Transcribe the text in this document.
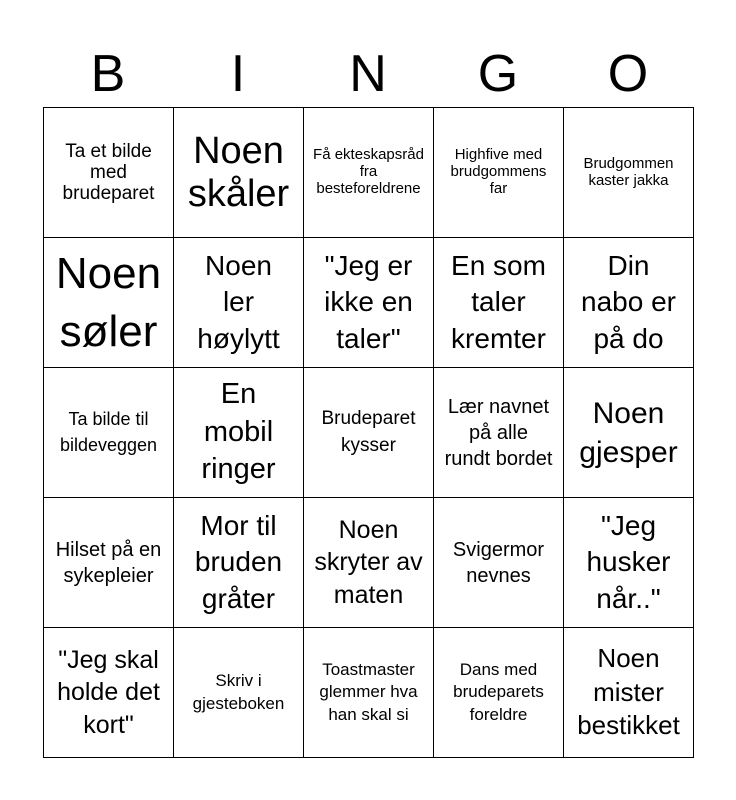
B	I	N	G	O
Ta et bilde med brudeparet
Noen skåler
Få ekteskapsråd fra besteforeldrene
Highfive med brudgommens far
Brudgommen kaster jakka
Noen søler
Noen ler høylytt
"Jeg er ikke en taler"
En som taler kremter
Din nabo er på do
Ta bilde til bildeveggen
En mobil ringer
Brudeparet kysser
Lær navnet på alle rundt bordet
Noen gjesper
Hilset på en sykepleier
Mor til bruden gråter
Noen skryter av maten
Svigermor nevnes
"Jeg husker når.."
"Jeg skal holde det kort"
Skriv i gjesteboken
Toastmaster glemmer hva han skal si
Dans med brudeparets foreldre
Noen mister bestikket
